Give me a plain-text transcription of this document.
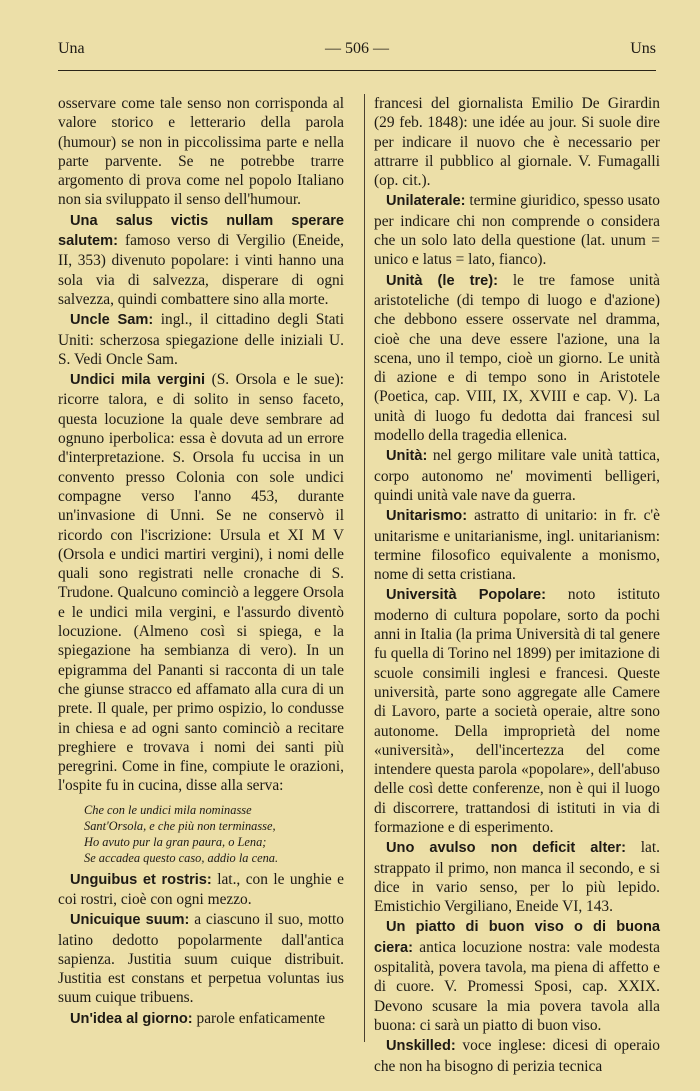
Una	— 506 —	Uns

osservare come tale senso non corrisponda al valore storico e letterario della parola (humour) se non in piccolissima parte e nella parte parvente. Se ne potrebbe trarre argomento di prova come nel popolo Italiano non sia sviluppato il senso dell'humour.

Una salus victis nullam sperare salutem: famoso verso di Vergilio (Eneide, II, 353) divenuto popolare: i vinti hanno una sola via di salvezza, disperare di ogni salvezza, quindi combattere sino alla morte.

Uncle Sam: ingl., il cittadino degli Stati Uniti: scherzosa spiegazione delle iniziali U. S. Vedi Oncle Sam.

Undici mila vergini (S. Orsola e le sue): ricorre talora, e di solito in senso faceto, questa locuzione la quale deve sembrare ad ognuno iperbolica: essa è dovuta ad un errore d'interpretazione. S. Orsola fu uccisa in un convento presso Colonia con sole undici compagne verso l'anno 453, durante un'invasione di Unni. Se ne conservò il ricordo con l'iscrizione: Ursula et XI M V (Orsola e undici martiri vergini), i nomi delle quali sono registrati nelle cronache di S. Trudone. Qualcuno cominciò a leggere Orsola e le undici mila vergini, e l'assurdo diventò locuzione. (Almeno così si spiega, e la spiegazione ha sembianza di vero). In un epigramma del Pananti si racconta di un tale che giunse stracco ed affamato alla cura di un prete. Il quale, per primo ospizio, lo condusse in chiesa e ad ogni santo cominciò a recitare preghiere e trovava i nomi dei santi più peregrini. Come in fine, compiute le orazioni, l'ospite fu in cucina, disse alla serva:

Che con le undici mila nominasse
Sant'Orsola, e che più non terminasse,
Ho avuto pur la gran paura, o Lena;
Se accadea questo caso, addio la cena.

Unguibus et rostris: lat., con le unghie e coi rostri, cioè con ogni mezzo.

Unicuique suum: a ciascuno il suo, motto latino dedotto popolarmente dall'antica sapienza. Justitia suum cuique distribuit. Justitia est constans et perpetua voluntas ius suum cuique tribuens.

Un'idea al giorno: parole enfaticamente

francesi del giornalista Emilio De Girardin (29 feb. 1848): une idée au jour. Si suole dire per indicare il nuovo che è necessario per attrarre il pubblico al giornale. V. Fumagalli (op. cit.).

Unilaterale: termine giuridico, spesso usato per indicare chi non comprende o considera che un solo lato della questione (lat. unum = unico e latus = lato, fianco).

Unità (le tre): le tre famose unità aristoteliche (di tempo di luogo e d'azione) che debbono essere osservate nel dramma, cioè che una deve essere l'azione, una la scena, uno il tempo, cioè un giorno. Le unità di azione e di tempo sono in Aristotele (Poetica, cap. VIII, IX, XVIII e cap. V). La unità di luogo fu dedotta dai francesi sul modello della tragedia ellenica.

Unità: nel gergo militare vale unità tattica, corpo autonomo ne' movimenti belligeri, quindi unità vale nave da guerra.

Unitarismo: astratto di unitario: in fr. c'è unitarisme e unitarianisme, ingl. unitarianism: termine filosofico equivalente a monismo, nome di setta cristiana.

Università Popolare: noto istituto moderno di cultura popolare, sorto da pochi anni in Italia (la prima Università di tal genere fu quella di Torino nel 1899) per imitazione di scuole consimili inglesi e francesi. Queste università, parte sono aggregate alle Camere di Lavoro, parte a società operaie, altre sono autonome. Della improprietà del nome «università», dell'incertezza del come intendere questa parola «popolare», dell'abuso delle così dette conferenze, non è qui il luogo di discorrere, trattandosi di istituti in via di formazione e di esperimento.

Uno avulso non deficit alter: lat. strappato il primo, non manca il secondo, e si dice in vario senso, per lo più lepido. Emistichio Vergiliano, Eneide VI, 143.

Un piatto di buon viso o di buona ciera: antica locuzione nostra: vale modesta ospitalità, povera tavola, ma piena di affetto e di cuore. V. Promessi Sposi, cap. XXIX. Devono scusare la mia povera tavola alla buona: ci sarà un piatto di buon viso.

Unskilled: voce inglese: dicesi di operaio che non ha bisogno di perizia tecnica
